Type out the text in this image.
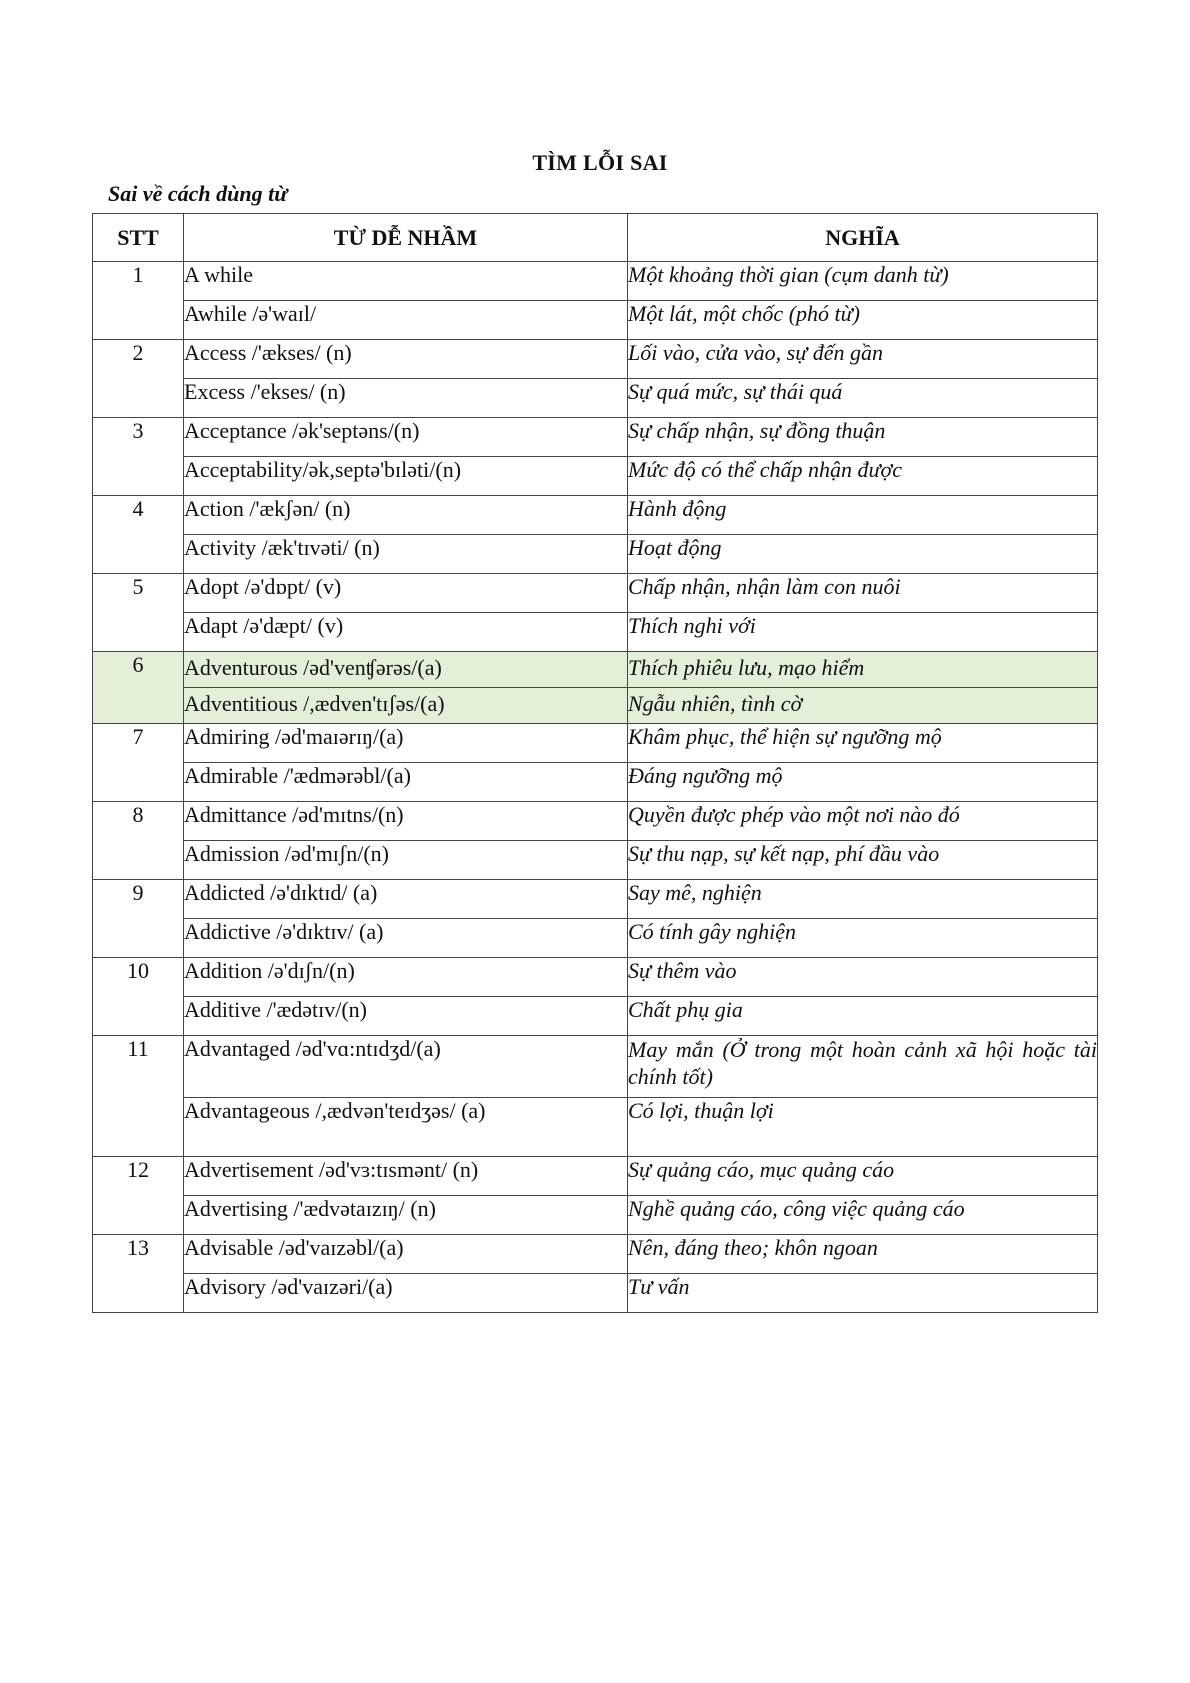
TÌM LỖI SAI
Sai về cách dùng từ
STT	TỪ DỄ NHẦM	NGHĨA
1	A while	Một khoảng thời gian (cụm danh từ)
	Awhile /ə'waɪl/	Một lát, một chốc (phó từ)
2	Access /'ækses/ (n)	Lối vào, cửa vào, sự đến gần
	Excess /'ekses/ (n)	Sự quá mức, sự thái quá
3	Acceptance /ək'septəns/(n)	Sự chấp nhận, sự đồng thuận
	Acceptability/ək,septə'bɪləti/(n)	Mức độ có thể chấp nhận được
4	Action /'ækʃən/ (n)	Hành động
	Activity /æk'tɪvəti/ (n)	Hoạt động
5	Adopt /ə'dɒpt/ (v)	Chấp nhận, nhận làm con nuôi
	Adapt /ə'dæpt/ (v)	Thích nghi với
6	Adventurous /əd'venʧərəs/(a)	Thích phiêu lưu, mạo hiểm
	Adventitious /,ædven'tɪʃəs/(a)	Ngẫu nhiên, tình cờ
7	Admiring /əd'maɪərɪŋ/(a)	Khâm phục, thể hiện sự ngưỡng mộ
	Admirable /'ædmərəbl/(a)	Đáng ngưỡng mộ
8	Admittance /əd'mɪtns/(n)	Quyền được phép vào một nơi nào đó
	Admission /əd'mɪʃn/(n)	Sự thu nạp, sự kết nạp, phí đầu vào
9	Addicted /ə'dɪktɪd/ (a)	Say mê, nghiện
	Addictive /ə'dɪktɪv/ (a)	Có tính gây nghiện
10	Addition /ə'dɪʃn/(n)	Sự thêm vào
	Additive /'ædətɪv/(n)	Chất phụ gia
11	Advantaged /əd'vɑ:ntɪdʒd/(a)	May mắn (Ở trong một hoàn cảnh xã hội hoặc tài chính tốt)
	Advantageous /,ædvən'teɪdʒəs/ (a)	Có lợi, thuận lợi
12	Advertisement /əd'vɜ:tɪsmənt/ (n)	Sự quảng cáo, mục quảng cáo
	Advertising /'ædvətaɪzɪŋ/ (n)	Nghề quảng cáo, công việc quảng cáo
13	Advisable /əd'vaɪzəbl/(a)	Nên, đáng theo; khôn ngoan
	Advisory /əd'vaɪzəri/(a)	Tư vấn
